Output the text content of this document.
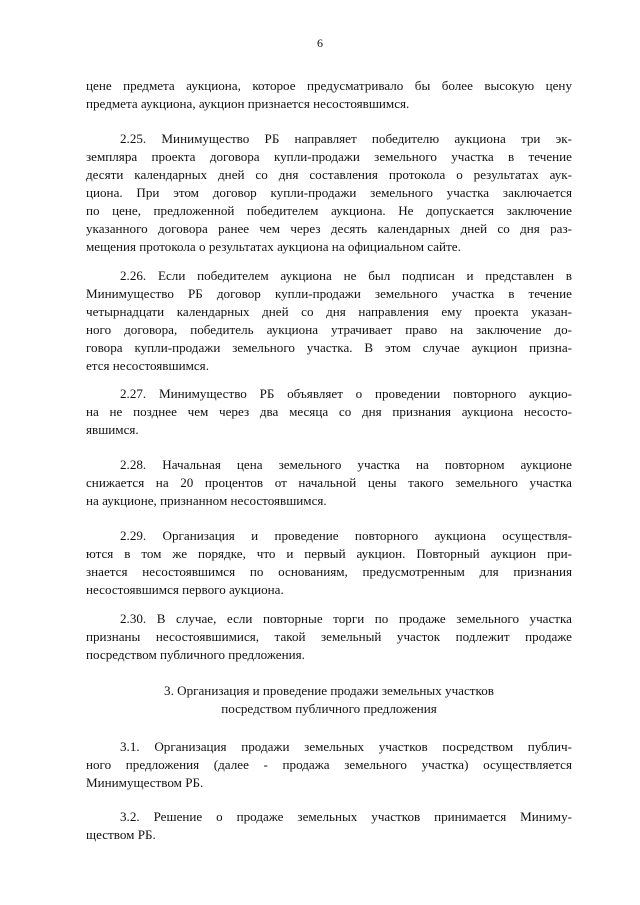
6
цене предмета аукциона, которое предусматривало бы более высокую цену
предмета аукциона, аукцион признается несостоявшимся.
2.25. Минимущество РБ направляет победителю аукциона три эк-
земпляра проекта договора купли-продажи земельного участка в течение
десяти календарных дней со дня составления протокола о результатах аук-
циона. При этом договор купли-продажи земельного участка заключается
по цене, предложенной победителем аукциона. Не допускается заключение
указанного договора ранее чем через десять календарных дней со дня раз-
мещения протокола о результатах аукциона на официальном сайте.
2.26. Если победителем аукциона не был подписан и представлен в
Минимущество РБ договор купли-продажи земельного участка в течение
четырнадцати календарных дней со дня направления ему проекта указан-
ного договора, победитель аукциона утрачивает право на заключение до-
говора купли-продажи земельного участка. В этом случае аукцион призна-
ется несостоявшимся.
2.27. Минимущество РБ объявляет о проведении повторного аукцио-
на не позднее чем через два месяца со дня признания аукциона несосто-
явшимся.
2.28. Начальная цена земельного участка на повторном аукционе
снижается на 20 процентов от начальной цены такого земельного участка
на аукционе, признанном несостоявшимся.
2.29. Организация и проведение повторного аукциона осуществля-
ются в том же порядке, что и первый аукцион. Повторный аукцион при-
знается несостоявшимся по основаниям, предусмотренным для признания
несостоявшимся первого аукциона.
2.30. В случае, если повторные торги по продаже земельного участка
признаны несостоявшимися, такой земельный участок подлежит продаже
посредством публичного предложения.
3. Организация и проведение продажи земельных участков
посредством публичного предложения
3.1. Организация продажи земельных участков посредством публич-
ного предложения (далее - продажа земельного участка) осуществляется
Минимуществом РБ.
3.2. Решение о продаже земельных участков принимается Миниму-
ществом РБ.
